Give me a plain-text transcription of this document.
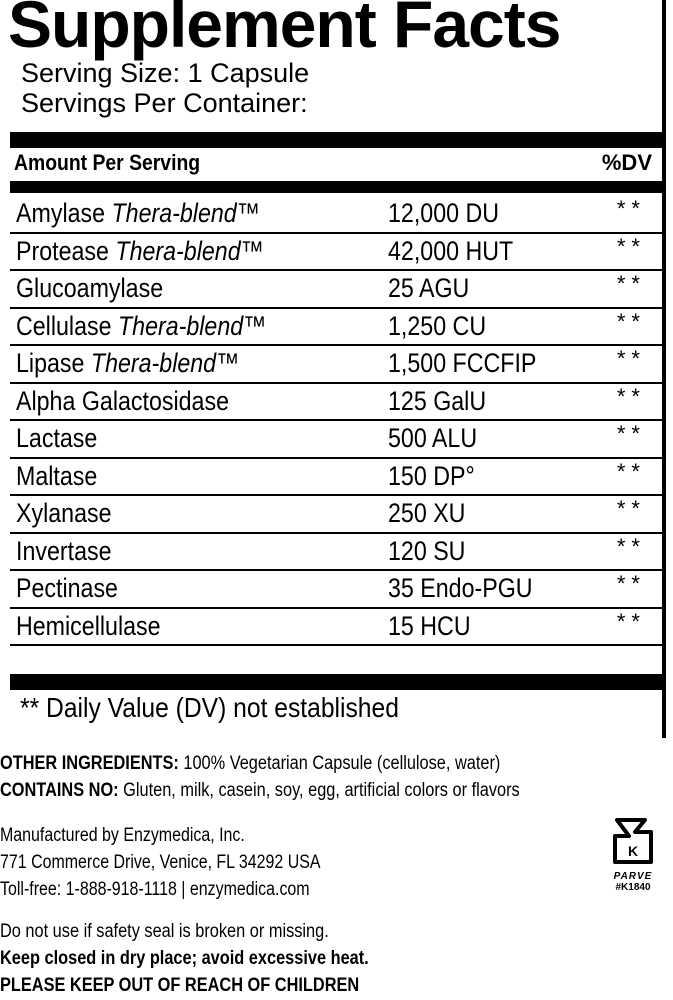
Supplement Facts
Serving Size: 1 Capsule
Servings Per Container:
Amount Per Serving	%DV
Amylase Thera-blend™	12,000 DU	**
Protease Thera-blend™	42,000 HUT	**
Glucoamylase	25 AGU	**
Cellulase Thera-blend™	1,250 CU	**
Lipase Thera-blend™	1,500 FCCFIP	**
Alpha Galactosidase	125 GalU	**
Lactase	500 ALU	**
Maltase	150 DP°	**
Xylanase	250 XU	**
Invertase	120 SU	**
Pectinase	35 Endo-PGU	**
Hemicellulase	15 HCU	**
** Daily Value (DV) not established
OTHER INGREDIENTS: 100% Vegetarian Capsule (cellulose, water)
CONTAINS NO: Gluten, milk, casein, soy, egg, artificial colors or flavors
Manufactured by Enzymedica, Inc.
771 Commerce Drive, Venice, FL 34292 USA
Toll-free: 1-888-918-1118 | enzymedica.com
K
PARVE
#K1840
Do not use if safety seal is broken or missing.
Keep closed in dry place; avoid excessive heat.
PLEASE KEEP OUT OF REACH OF CHILDREN
